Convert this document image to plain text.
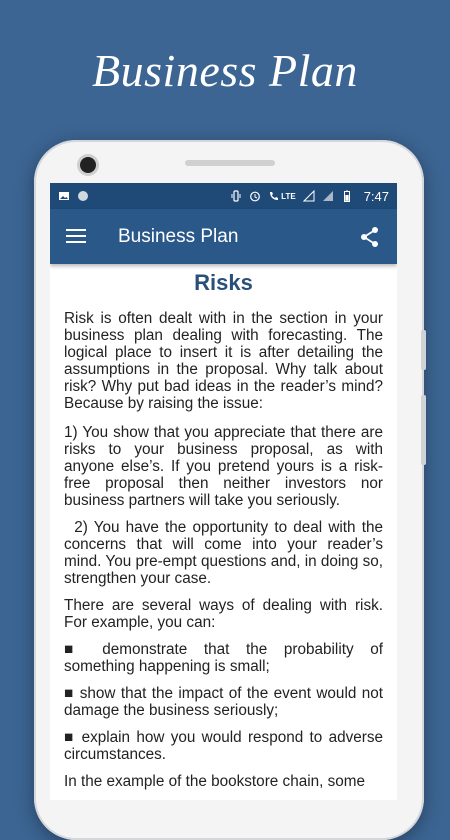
Business Plan
LTE	7:47
Business Plan
Risks

Risk is often dealt with in the section in your business plan dealing with forecasting. The logical place to insert it is after detailing the assumptions in the proposal. Why talk about risk? Why put bad ideas in the reader’s mind? Because by raising the issue:

1) You show that you appreciate that there are risks to your business proposal, as with anyone else’s. If you pretend yours is a risk-free proposal then neither investors nor business partners will take you seriously.

2) You have the opportunity to deal with the concerns that will come into your reader’s mind. You pre-empt questions and, in doing so, strengthen your case.

There are several ways of dealing with risk. For example, you can:

■ demonstrate that the probability of something happening is small;

■ show that the impact of the event would not damage the business seriously;

■ explain how you would respond to adverse circumstances.

In the example of the bookstore chain, some
